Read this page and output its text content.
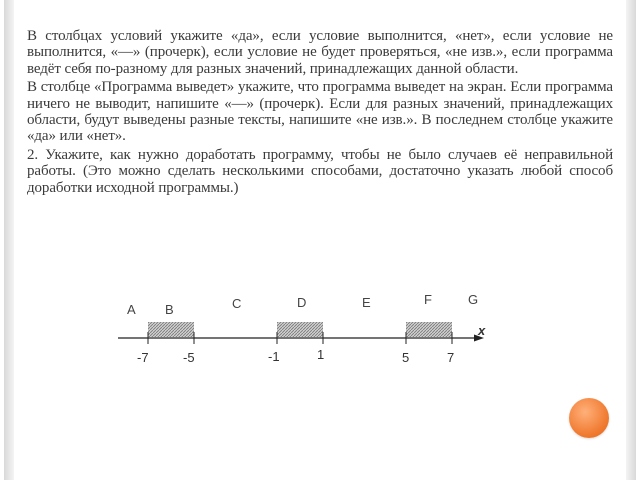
В столбцах условий укажите «да», если условие выполнится, «нет», если условие не выполнится, «—» (прочерк), если условие не будет проверяться, «не изв.», если программа ведёт себя по-разному для разных значений, принадлежащих данной области.

В столбце «Программа выведет» укажите, что программа выведет на экран. Если программа ничего не выводит, напишите «—» (прочерк). Если для разных значений, принадлежащих области, будут выведены разные тексты, напишите «не изв.». В последнем столбце укажите «да» или «нет».

2. Укажите, как нужно доработать программу, чтобы не было случаев её неправильной работы. (Это можно сделать несколькими способами, достаточно указать любой способ доработки исходной программы.)

A B	C	D	E	F	G
-7	-5	-1	1	5	7
x
